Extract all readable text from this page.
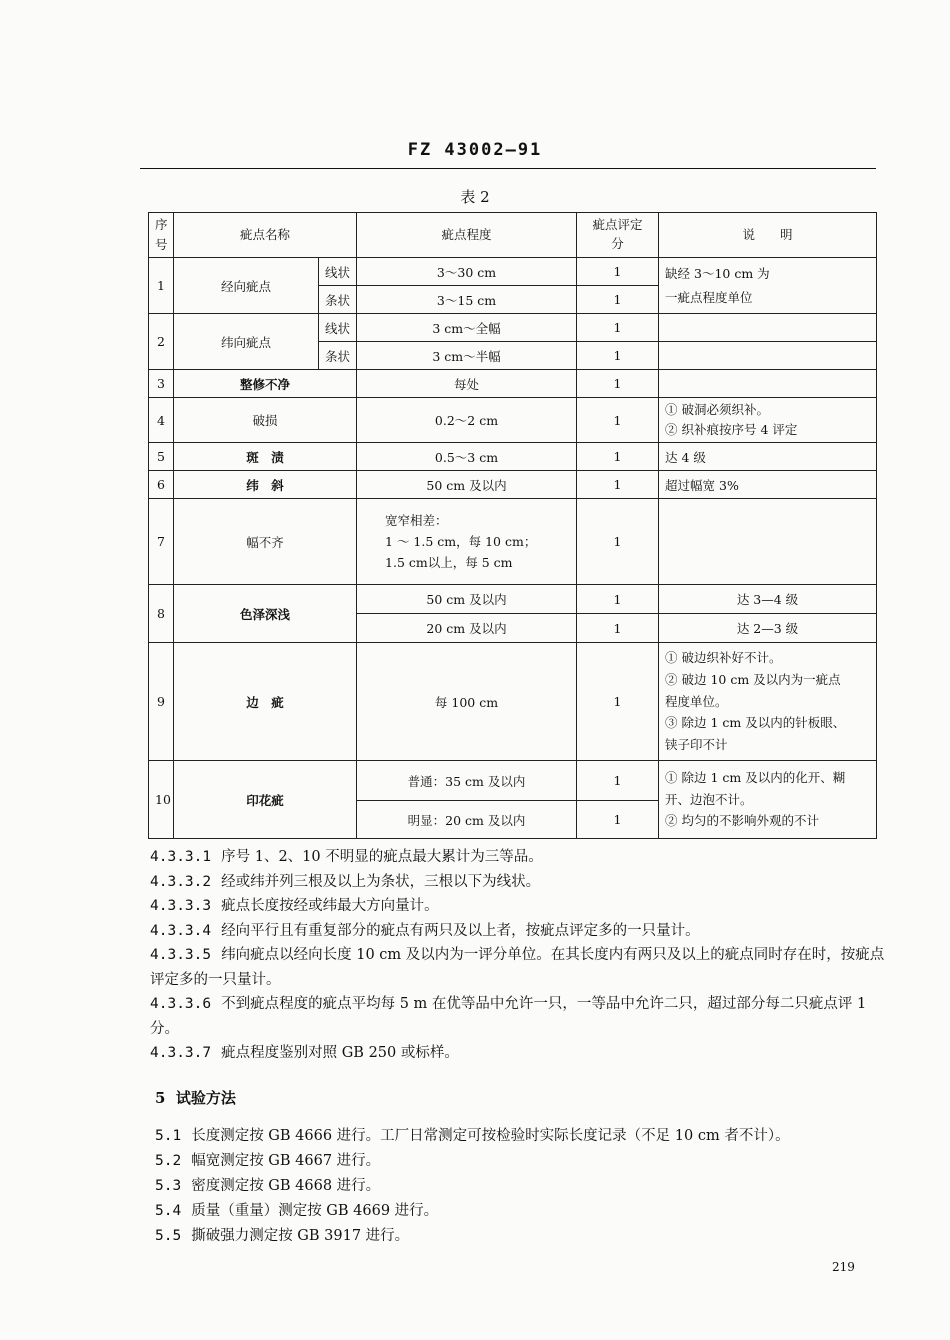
FZ 43002—91
表 2
序
号	疵点名称		疵点程度	疵点评定
分	说　　明
1	经向疵点	线状	3～30 cm	1	缺经 3～10 cm 为
一疵点程度单位
		条状	3～15 cm	1	
2	纬向疵点	线状	3 cm～全幅	1	
		条状	3 cm～半幅	1	
3	整修不净		每处	1	
4	破损		0.2～2 cm	1	① 破洞必须织补。
② 织补痕按序号 4 评定
5	斑　渍		0.5～3 cm	1	达 4 级
6	纬　斜		50 cm 及以内	1	超过幅宽 3%
7	幅不齐		宽窄相差：
1 ～ 1.5 cm，每 10 cm；
1.5 cm以上，每 5 cm	1	
8	色泽深浅		50 cm 及以内	1	达 3—4 级
			20 cm 及以内	1	达 2—3 级
9	边　疵		每 100 cm	1	① 破边织补好不计。
② 破边 10 cm 及以内为一疵点
程度单位。
③ 除边 1 cm 及以内的针板眼、
铗子印不计
10	印花疵		普通：35 cm 及以内	1	① 除边 1 cm 及以内的化开、糊
开、边泡不计。
② 均匀的不影响外观的不计
			明显：20 cm 及以内	1	

4.3.3.1 序号 1、2、10 不明显的疵点最大累计为三等品。

4.3.3.2 经或纬并列三根及以上为条状，三根以下为线状。

4.3.3.3 疵点长度按经或纬最大方向量计。

4.3.3.4 经向平行且有重复部分的疵点有两只及以上者，按疵点评定多的一只量计。

4.3.3.5 纬向疵点以经向长度 10 cm 及以内为一评分单位。在其长度内有两只及以上的疵点同时存在时，按疵点评定多的一只量计。

4.3.3.6 不到疵点程度的疵点平均每 5 m 在优等品中允许一只，一等品中允许二只，超过部分每二只疵点评 1 分。

4.3.3.7 疵点程度鉴别对照 GB 250 或标样。

5 试验方法

5.1 长度测定按 GB 4666 进行。工厂日常测定可按检验时实际长度记录（不足 10 cm 者不计）。

5.2 幅宽测定按 GB 4667 进行。

5.3 密度测定按 GB 4668 进行。

5.4 质量（重量）测定按 GB 4669 进行。

5.5 撕破强力测定按 GB 3917 进行。

219
